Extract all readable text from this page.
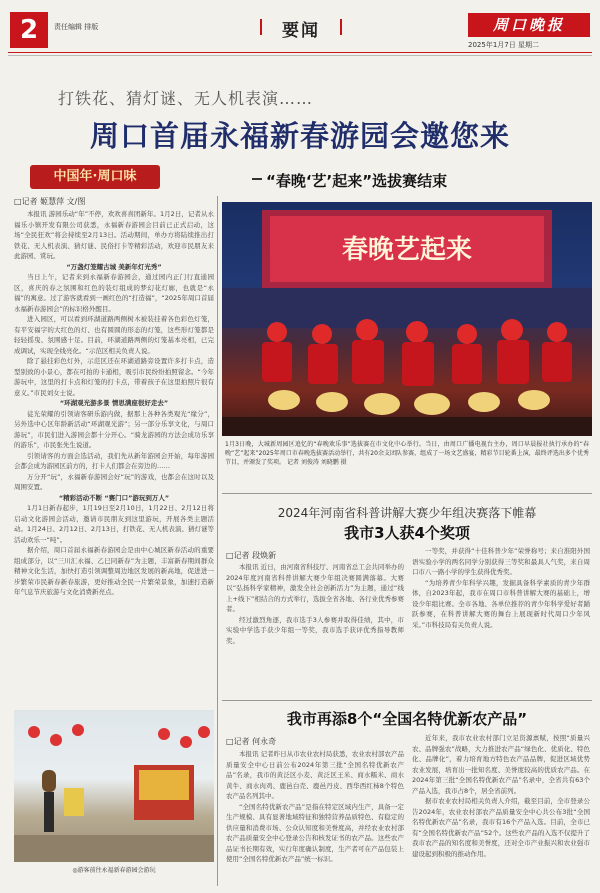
2	责任编辑 排版	要闻	周口晚报
2025年1月7日 星期二
打铁花、猜灯谜、无人机表演……
周口首届永福新春游园会邀您来
中国年·周口味	“春晚‘艺’起来”选拔赛结束
□记者 姬慧萍 文/图

本报讯 游园乐动“年”不停，欢欢喜喜团新年。1月2日，记者从永福乐小镇开发有限公司获悉，永福新春游园会目前已正式启动，这场“全民狂欢”将会持续至2月13日。活动期间，单办方将陆续推出打铁花、无人机表演、猜灯谜、民俗打卡等精彩活动，欢迎市民朋友来此游园、赏玩。

“万盏灯笼耀古城 美新年灯光秀”

当日上午，记者来到永福新春游园会，通过园内正门行直通园区，喜庆的春之氛围和红色的装灯组成的梦幻花灯廊，也就是“永福”的寓意。过了游客就看到一画红色的“打造福”，“2025年周口首届永福新春游园会”的标识格外醒目。

进入园区，可以看到环湖道路两侧树木被装挂着各色彩色灯笼，有平安福字的大红色的灯、也有圆圆的形态的灯笼，这些形灯笼都是轻轻摇曳、氛围感十足。目前，环湖道路两侧的灯笼基本亮相，已完成调试，实现全线亮化。“示范区相关负责人说。

除了悬挂彩色灯外，示范区还在环湖道路旁设置许多打卡点，造型别致的小景心，都在可拍的卡通相，吸引市民纷纷拍照留念。“今年游玩中，这里的打卡点和灯笼的打卡点，带着孩子在这里拍照片很有意义。”市民刘女士说。

“环湖观光游多景 情思满座很好走去”

徒光荣耀的引领请客研乐游内做，据那上各种各类观光“缘分”，另外选中心区年龄新活动“环湖观光游”；另一部分乐享文化，与周口游玩”，市民们进入游园会都十分开心。“骑龙游园的方法会成功乐享的游乐”，市民张先生说道。

引领请客的方面会选活动，我们先从新年游园会开始，每年游园会都会成为游园区前方的，打卡人们都会在旁边的……

万分开“玩”，永福新春游园会好“玩”的游戏，也都会在这时以及周围安置。

“精彩活动不断 “赛门口”游玩到万人”

1月1日新春起步，1月19日至2月10日，1月22日、2月12日将启动文化游园会活动，邀请市民朋友到这里游玩，开展各类主题活动。1月24日、2月12日、2月13日，打铁花、无人机表演、猜灯谜等活动欢乐一“吨”。

据介绍，周口首届永福新春游园会是由中心城区新春活动的重要组成部分，以“三川汇永福、乙巳同新春”为主题，丰富新春期间群众精神文化生活，加快打造引领调整周边地区发展的新高地，促进进一步繁荣市民新春新春旅游，更好推动全民一片繁荣景象，加速打造新年气息节庆旅游与文化消费新亮点。

春晚艺起来
1月3日晚，大城新周园区追忆的“春晚欢乐事”选拔赛在市文化中心举行。当日，由周口广播电视台主办，周口早晨报社执行承办的“春晚“艺”起来”2025年周口市春晚选拔赛活动举行，共有20余支团队参赛，组成了一场文艺盛宴，精彩节目轮番上演，最终评选出多个优秀节目，并颁发了奖项。 记者 刘俊涛 刘晓鹏 摄
2024年河南省科普讲解大赛少年组决赛落下帷幕
我市3人获4个奖项
□记者 段焕新

本报讯 近日，由河南省科技厅、河南省总工会共同举办的2024年度河南省科普讲解大赛少年组决赛圆满落幕。大赛以“弘扬科学家精神，激发全社会创新活力”为主题，通过“线上+线下”相结合的方式举行，选拔全省各地、各行业优秀参赛者。

经过激烈角逐，我市选手3人参赛并取得佳绩，其中，市实验中学选手获少年组一等奖，我市选手获评优秀指导教师奖。

一等奖，并获得“十佳科普少年”荣誉称号；来自淮阳外国语实验小学的两名同学分别获得三等奖和最具人气奖，来自周口市八一路小学的学生获得优秀奖。

“为培养青少年科学兴趣，发掘具备科学素质的青少年群体，自2023年起，我市在周口市科普讲解大赛的基础上，增设少年组比赛。全市各地、各单位推荐的青少年科学爱好者踊跃参赛，在科普讲解大赛的舞台上展现新时代周口少年风采。”市科技局有关负责人说。

我市再添8个“全国名特优新农产品”
□记者 何永奇

本报讯 记者昨日从市农业农村局获悉，农业农村部农产品质量安全中心日前公布2024年第三批“全国名特优新农产品”名录，我市的黄泛区小麦、黄泛区王米、商水糯米、商水黄牛、商水肉鸡、鹿邑白壳、鹿邑丹皮、西华西红柿8个特色农产品名列其中。

“全国名特优新农产品”是指在特定区域内生产，具备一定生产规模、具有显著地域特征和独特营养品质特色、有稳定的供应量和消费市场、公众认知度和美誉度高，并经农业农村部农产品质量安全中心登录公告和核发证书的农产品。这些农产品证书长期有效，实行年度确认制度，生产者可在产品包装上使用“全国名特优新农产品”统一标识。

近年来，我市农业农村部门立足资源禀赋，按照“质量兴农、品牌强农”战略，大力推进农产品“绿色化、优质化、特色化、品牌化”，着力培育地方特色农产品品牌，促进区域优势农业发展，培育出一批知名度、美誉度较高的优质农产品。在2024年第三批“全国名特优新农产品”名录中，全省共有63个产品入选，我市占8个，居全省前列。

据市农业农村局相关负责人介绍，截至目前，全市登录公告2024年，农业农村部农产品质量安全中心共公布3批“全国名特优新农产品”名录，我市有16个产品入选。目前，全市已有“全国名特优新农产品”52个。这些农产品的入选不仅提升了我市农产品的知名度和美誉度，还对全市产业振兴和农业强市建设起到积极的推动作用。

◎游客前往永福新春游园会游玩
